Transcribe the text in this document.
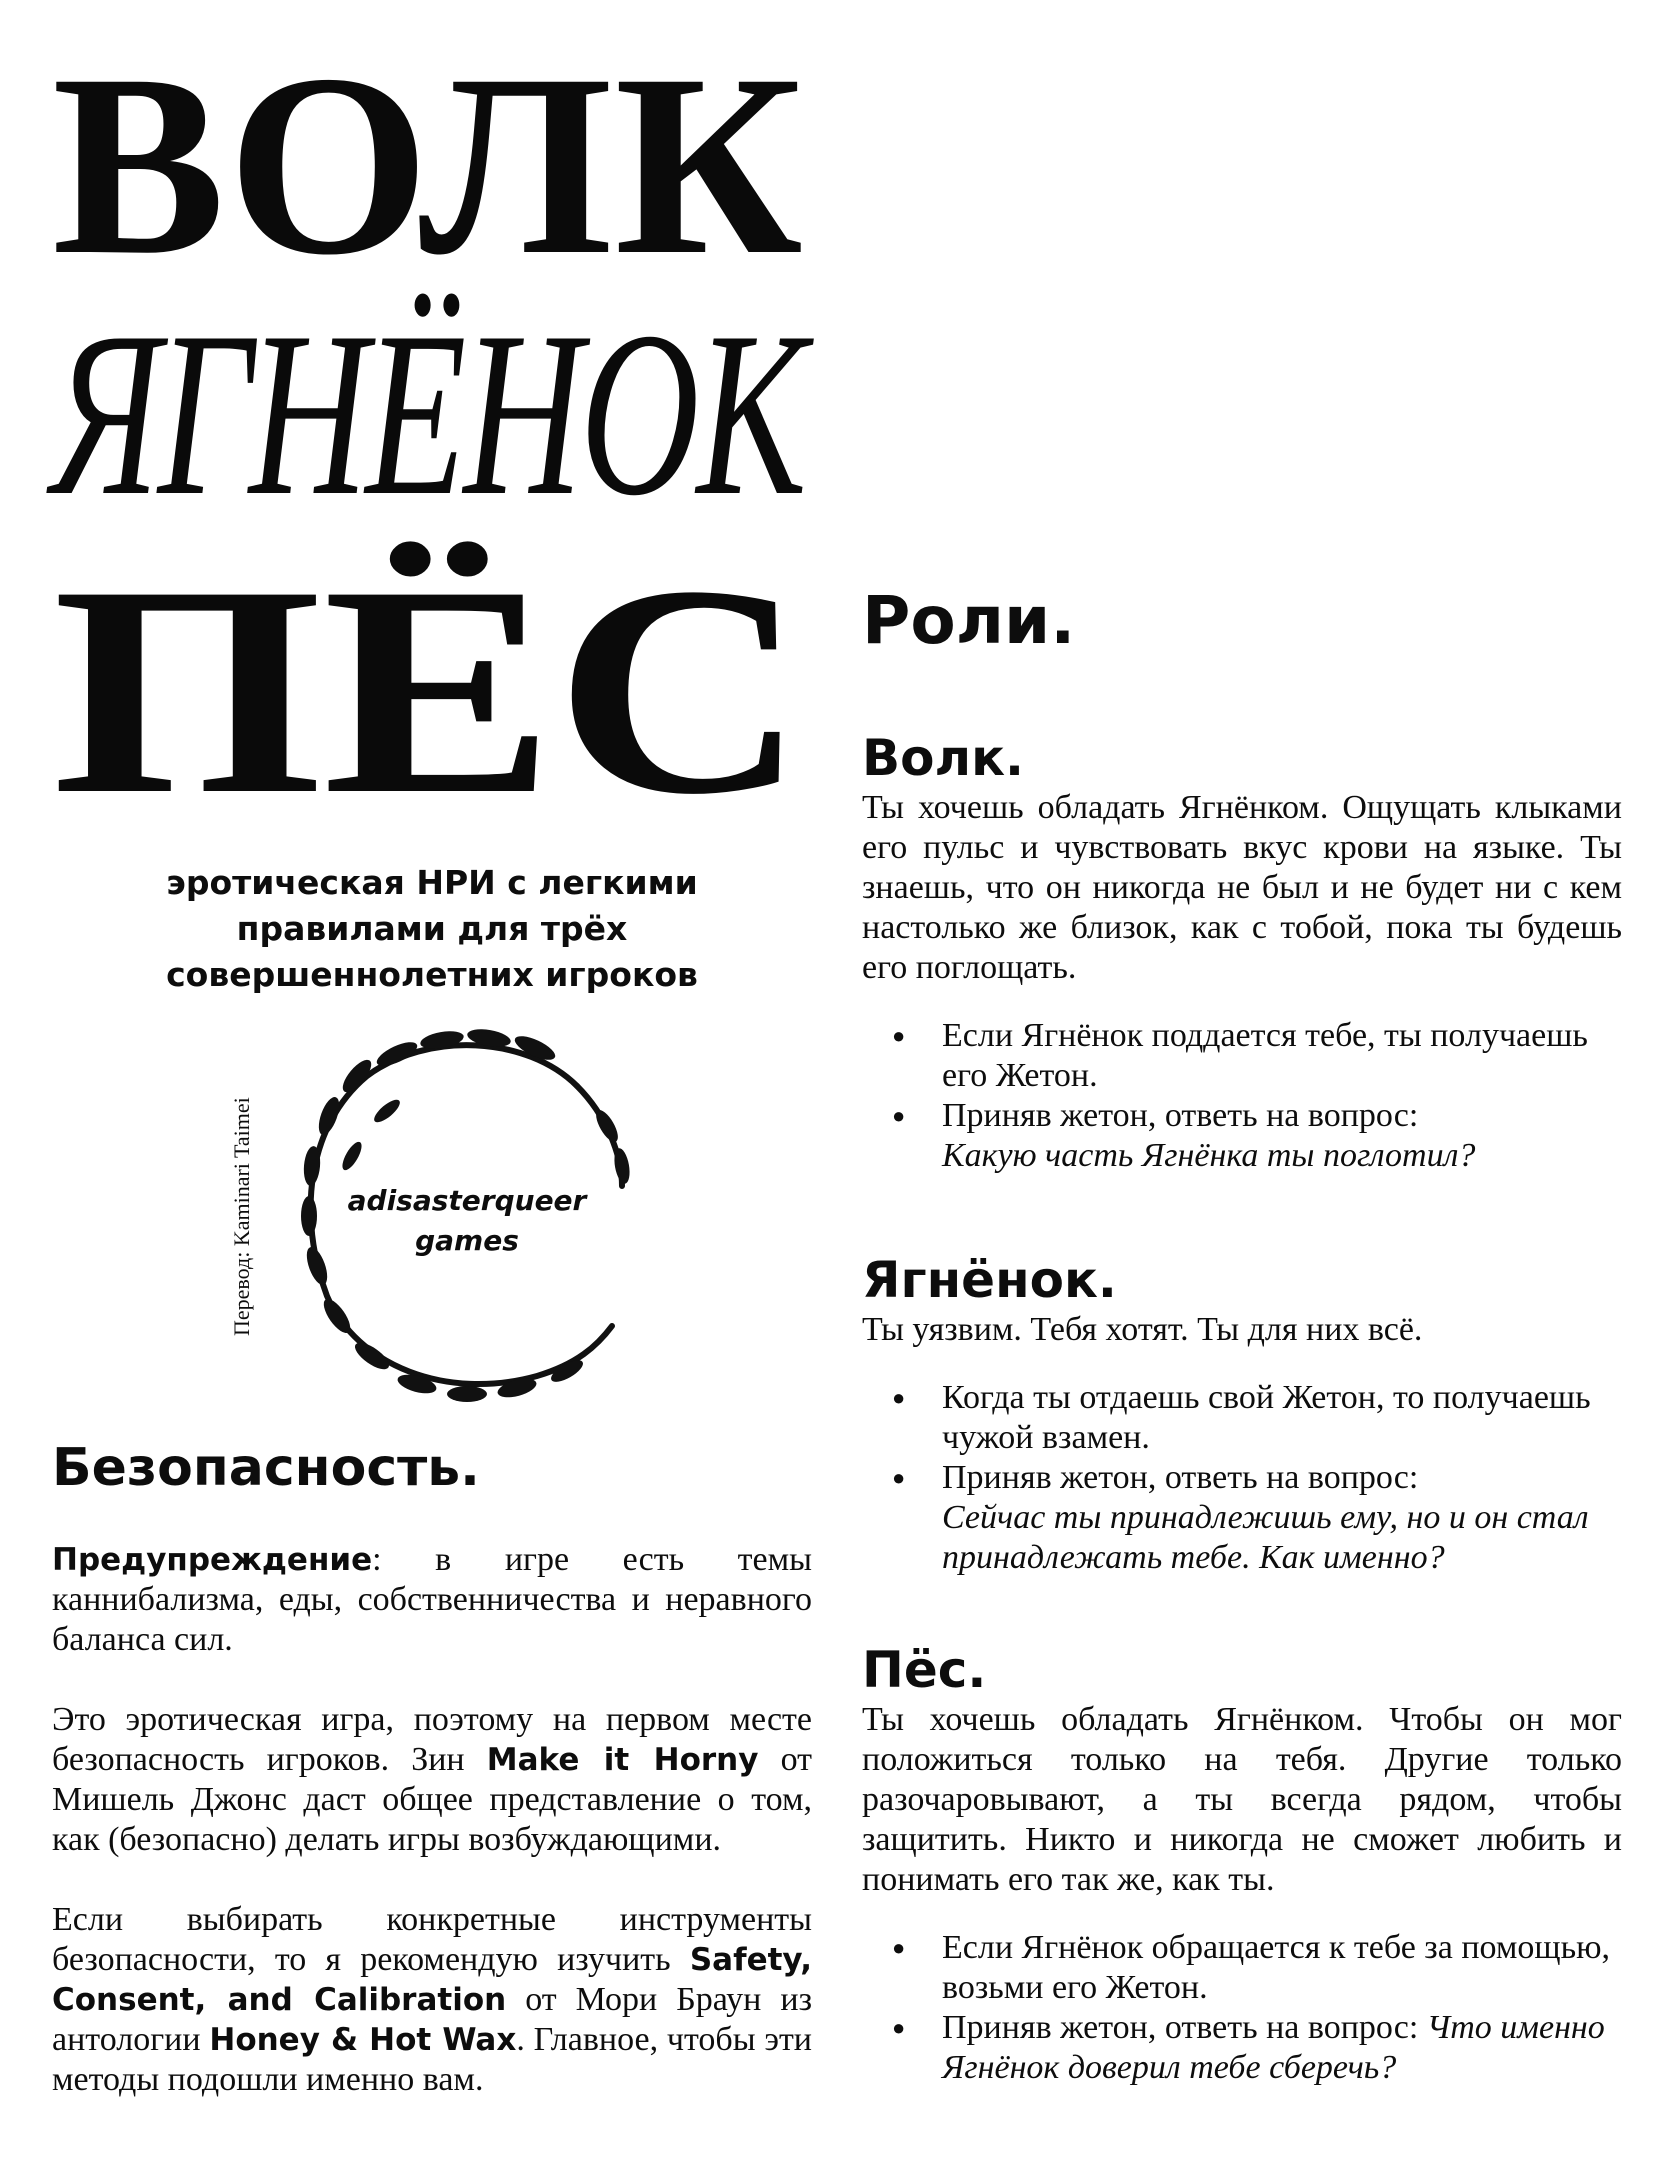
ВОЛК
ЯГНЁНОК
ПЁС
эротическая НРИ с легкими
правилами для трёх
совершеннолетних игроков
Перевод: Kaminari Taimei	adisasterqueer
games
Безопасность.

Предупреждение: в игре есть темы каннибализма, еды, собственничества и неравного баланса сил.

Это эротическая игра, поэтому на первом месте безопасность игроков. Зин Make it Horny от Мишель Джонс даст общее представление о том, как (безопасно) делать игры возбуждающими.

Если выбирать конкретные инструменты безопасности, то я рекомендую изучить Safety, Consent, and Calibration от Мори Браун из антологии Honey & Hot Wax. Главное, чтобы эти методы подошли именно вам.

Роли.
Волк.

Ты хочешь обладать Ягнёнком. Ощущать клыками его пульс и чувствовать вкус крови на языке. Ты знаешь, что он никогда не был и не будет ни с кем настолько же близок, как с тобой, пока ты будешь его поглощать.

● Если Ягнёнок поддается тебе, ты получаешь его Жетон.
● Приняв жетон, ответь на вопрос:
Какую часть Ягнёнка ты поглотил?
Ягнёнок.

Ты уязвим. Тебя хотят. Ты для них всё.

● Когда ты отдаешь свой Жетон, то получаешь чужой взамен.
● Приняв жетон, ответь на вопрос:
Сейчас ты принадлежишь ему, но и он стал принадлежать тебе. Как именно?
Пёс.

Ты хочешь обладать Ягнёнком. Чтобы он мог положиться только на тебя. Другие только разочаровывают, а ты всегда рядом, чтобы защитить. Никто и никогда не сможет любить и понимать его так же, как ты.

● Если Ягнёнок обращается к тебе за помощью, возьми его Жетон.
● Приняв жетон, ответь на вопрос: Что именно Ягнёнок доверил тебе сберечь?
